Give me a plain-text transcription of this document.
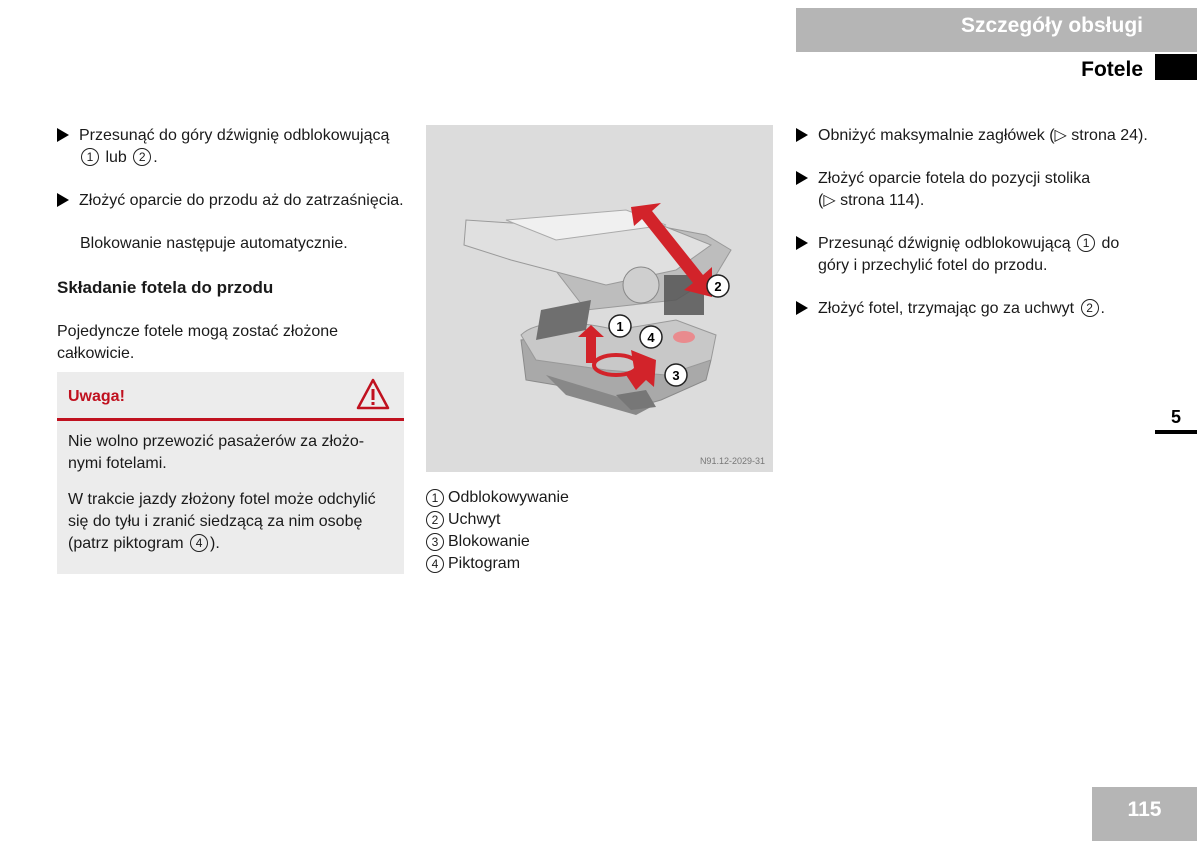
Szczegóły obsługi
Fotele
Przesunąć do góry dźwignię odblokowującą
1 lub 2 .
Złożyć oparcie do przodu aż do zatrzaśnięcia.
Blokowanie następuje automatycznie.
Składanie fotela do przodu
Pojedyncze fotele mogą zostać złożone całkowicie.
Uwaga!

Nie wolno przewozić pasażerów za złożo-nymi fotelami.

W trakcie jazdy złożony fotel może odchylić się do tyłu i zranić siedzącą za nim osobę (patrz piktogram 4 ).

1
2
3
4
N91.12-2029-31
1 Odblokowywanie
2 Uchwyt
3 Blokowanie
4 Piktogram
Obniżyć maksymalnie zagłówek (▷ strona 24).
Złożyć oparcie fotela do pozycji stolika
(▷ strona 114).
Przesunąć dźwignię odblokowującą 1 do góry i przechylić fotel do przodu.
Złożyć fotel, trzymając go za uchwyt 2 .
5
115
